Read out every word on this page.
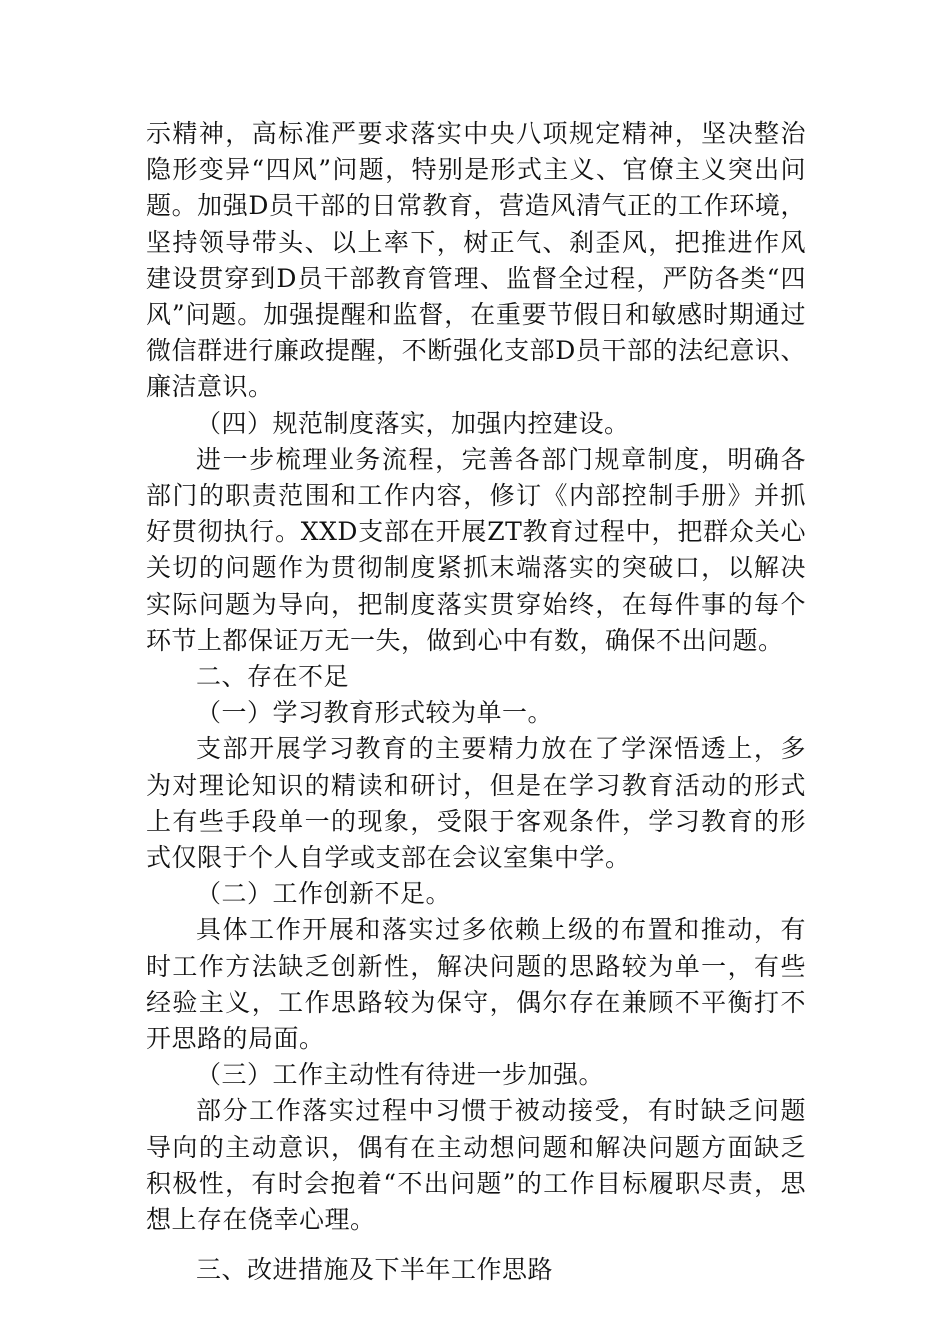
示精神，高标准严要求落实中央八项规定精神，坚决整治隐形变异“四风”问题，特别是形式主义、官僚主义突出问题。加强D员干部的日常教育，营造风清气正的工作环境，坚持领导带头、以上率下，树正气、刹歪风，把推进作风建设贯穿到D员干部教育管理、监督全过程，严防各类“四风”问题。加强提醒和监督，在重要节假日和敏感时期通过微信群进行廉政提醒，不断强化支部D员干部的法纪意识、廉洁意识。

（四）规范制度落实，加强内控建设。

进一步梳理业务流程，完善各部门规章制度，明确各部门的职责范围和工作内容，修订《内部控制手册》并抓好贯彻执行。XXD支部在开展ZT教育过程中，把群众关心关切的问题作为贯彻制度紧抓末端落实的突破口，以解决实际问题为导向，把制度落实贯穿始终，在每件事的每个环节上都保证万无一失，做到心中有数，确保不出问题。

二、存在不足

（一）学习教育形式较为单一。

支部开展学习教育的主要精力放在了学深悟透上，多为对理论知识的精读和研讨，但是在学习教育活动的形式上有些手段单一的现象，受限于客观条件，学习教育的形式仅限于个人自学或支部在会议室集中学。

（二）工作创新不足。

具体工作开展和落实过多依赖上级的布置和推动，有时工作方法缺乏创新性，解决问题的思路较为单一，有些经验主义，工作思路较为保守，偶尔存在兼顾不平衡打不开思路的局面。

（三）工作主动性有待进一步加强。

部分工作落实过程中习惯于被动接受，有时缺乏问题导向的主动意识，偶有在主动想问题和解决问题方面缺乏积极性，有时会抱着“不出问题”的工作目标履职尽责，思想上存在侥幸心理。

三、改进措施及下半年工作思路
